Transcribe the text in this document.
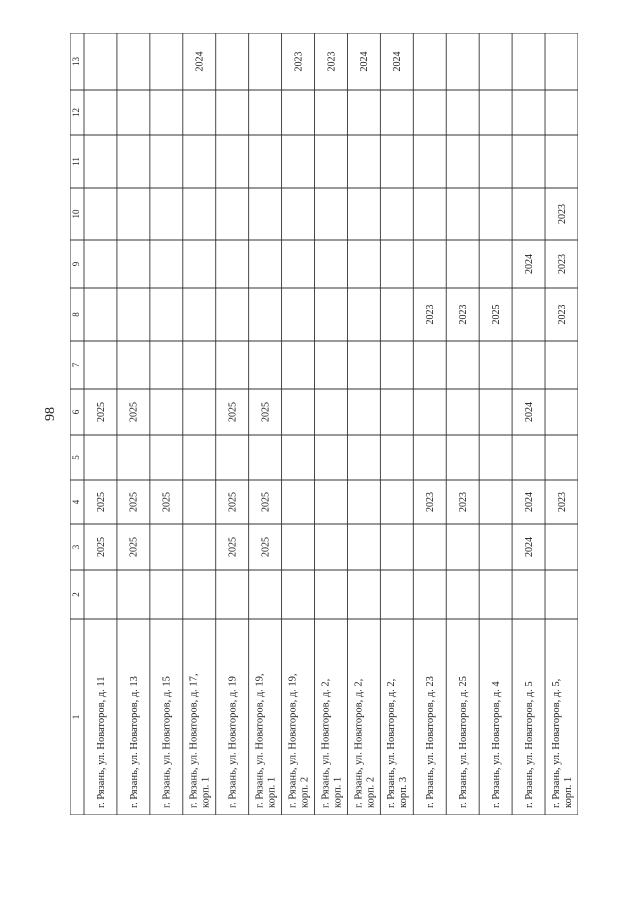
98
1
2
3
4
5
6
7
8
9
10
11
12
13
г. Рязань, ул. Новаторов, д. 11
2025
2025
2025
г. Рязань, ул. Новаторов, д. 13
2025
2025
2025
г. Рязань, ул. Новаторов, д. 15
2025
г. Рязань, ул. Новаторов, д. 17, корп. 1
2024
г. Рязань, ул. Новаторов, д. 19
2025
2025
2025
г. Рязань, ул. Новаторов, д. 19, корп. 1
2025
2025
2025
г. Рязань, ул. Новаторов, д. 19, корп. 2
2023
г. Рязань, ул. Новаторов, д. 2, корп. 1
2023
г. Рязань, ул. Новаторов, д. 2, корп. 2
2024
г. Рязань, ул. Новаторов, д. 2, корп. 3
2024
г. Рязань, ул. Новаторов, д. 23
2023
2023
г. Рязань, ул. Новаторов, д. 25
2023
2023
г. Рязань, ул. Новаторов, д. 4
2025
г. Рязань, ул. Новаторов, д. 5
2024
2024
2024
2024
г. Рязань, ул. Новаторов, д. 5, корп. 1
2023
2023
2023
2023
